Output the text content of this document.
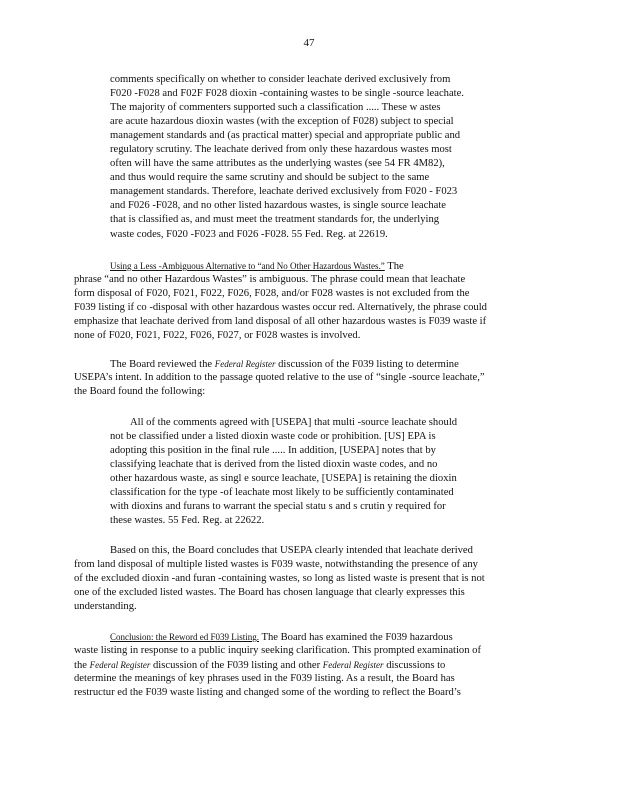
47
comments specifically on whether to consider leachate derived exclusively from
F020 -F028 and F02F F028 dioxin -containing wastes to be single -source leachate.
The majority of commenters supported such a classification ..... These w astes
are acute hazardous dioxin wastes (with the exception of F028) subject to special
management standards and (as practical matter) special and appropriate public and
regulatory scrutiny. The leachate derived from only these hazardous wastes most
often will have the same attributes as the underlying wastes (see 54 FR 4M82),
and thus would require the same scrutiny and should be subject to the same
management standards. Therefore, leachate derived exclusively from F020 - F023
and F026 -F028, and no other listed hazardous wastes, is single source leachate
that is classified as, and must meet the treatment standards for, the underlying
waste codes, F020 -F023 and F026 -F028. 55 Fed. Reg. at 22619.
Using a Less -Ambiguous Alternative to “and No Other Hazardous Wastes.” The
phrase “and no other Hazardous Wastes” is ambiguous. The phrase could mean that leachate
form disposal of F020, F021, F022, F026, F028, and/or F028 wastes is not excluded from the
F039 listing if co -disposal with other hazardous wastes occur red. Alternatively, the phrase could
emphasize that leachate derived from land disposal of all other hazardous wastes is F039 waste if
none of F020, F021, F022, F026, F027, or F028 wastes is involved.
The Board reviewed the Federal Register discussion of the F039 listing to determine
USEPA’s intent. In addition to the passage quoted relative to the use of “single -source leachate,”
the Board found the following:
All of the comments agreed with [USEPA] that multi -source leachate should
not be classified under a listed dioxin waste code or prohibition. [US] EPA is
adopting this position in the final rule ..... In addition, [USEPA] notes that by
classifying leachate that is derived from the listed dioxin waste codes, and no
other hazardous waste, as singl e source leachate, [USEPA] is retaining the dioxin
classification for the type -of leachate most likely to be sufficiently contaminated
with dioxins and furans to warrant the special statu s and s crutin y required for
these wastes. 55 Fed. Reg. at 22622.
Based on this, the Board concludes that USEPA clearly intended that leachate derived
from land disposal of multiple listed wastes is F039 waste, notwithstanding the presence of any
of the excluded dioxin -and furan -containing wastes, so long as listed waste is present that is not
one of the excluded listed wastes. The Board has chosen language that clearly expresses this
understanding.
Conclusion: the Reword ed F039 Listing. The Board has examined the F039 hazardous
waste listing in response to a public inquiry seeking clarification. This prompted examination of
the Federal Register discussion of the F039 listing and other Federal Register discussions to
determine the meanings of key phrases used in the F039 listing. As a result, the Board has
restructur ed the F039 waste listing and changed some of the wording to reflect the Board’s
